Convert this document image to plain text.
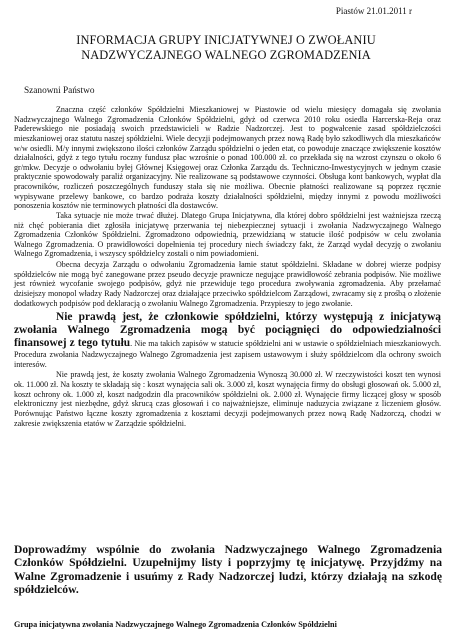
Piastów 21.01.2011 r
INFORMACJA GRUPY INICJATYWNEJ O ZWOŁANIU
NADZWYCZAJNEGO WALNEGO ZGROMADZENIA
Szanowni Państwo

Znaczna część członków Spółdzielni Mieszkaniowej w Piastowie od wielu miesięcy domagała się zwołania Nadzwyczajnego Walnego Zgromadzenia Członków Spółdzielni, gdyż od czerwca 2010 roku osiedla Harcerska-Reja oraz Paderewskiego nie posiadają swoich przedstawicieli w Radzie Nadzorczej. Jest to pogwałcenie zasad spółdzielczości mieszkaniowej oraz statutu naszej spółdzielni. Wiele decyzji podejmowanych przez nową Radę było szkodliwych dla mieszkańców w/w osiedli. M/y innymi zwiększono ilości członków Zarządu spółdzielni o jeden etat, co powoduje znaczące zwiększenie kosztów działalności, gdyż z tego tytułu roczny fundusz płac wzrośnie o ponad 100.000 zł. co przekłada się na wzrost czynszu o około 6 gr/mkw. Decyzje o odwołaniu byłej Głównej Księgowej oraz Członka Zarządu ds. Techniczno-Inwestycyjnych w jednym czasie praktycznie spowodowały paraliż organizacyjny. Nie realizowane są podstawowe czynności. Obsługa kont bankowych, wypłat dla pracowników, rozliczeń poszczególnych funduszy stała się nie możliwa. Obecnie płatności realizowane są poprzez ręcznie wypisywane przelewy bankowe, co bardzo podraża koszty działalności spółdzielni, między innymi z powodu możliwości ponoszenia kosztów nie terminowych płatności dla dostawców.

Taka sytuacje nie może trwać dłużej. Dlatego Grupa Inicjatywna, dla której dobro spółdzielni jest ważniejsza rzeczą niż chęć pobierania diet zgłosiła inicjatywę przerwania tej niebezpiecznej sytuacji i zwołania Nadzwyczajnego Walnego Zgromadzenia Członków Spółdzielni. Zgromadzono odpowiednią, przewidzianą w statucie ilość podpisów w celu zwołania Walnego Zgromadzenia. O prawidłowości dopełnienia tej procedury niech świadczy fakt, że Zarząd wydał decyzję o zwołaniu Walnego Zgromadzenia, i wszyscy spółdzielcy zostali o nim powiadomieni.

Obecna decyzja Zarządu o odwołaniu Zgromadzenia łamie statut spółdzielni. Składane w dobrej wierze podpisy spółdzielców nie mogą być zanegowane przez pseudo decyzje prawnicze negujące prawidłowość zebrania podpisów. Nie możliwe jest również wycofanie swojego podpisów, gdyż nie przewiduje tego procedura zwoływania zgromadzenia. Aby przełamać dzisiejszy monopol władzy Rady Nadzorczej oraz działające przeciwko spółdzielcom Zarządowi, zwracamy się z prośbą o złożenie dodatkowych podpisów pod deklaracją o zwołaniu Walnego Zgromadzenia. Przypieszy to jego zwołanie.

Nie prawdą jest, że członkowie spółdzielni, którzy występują z inicjatywą zwołania Walnego Zgromadzenia mogą być pociągnięci do odpowiedzialności finansowej z tego tytułu. Nie ma takich zapisów w statucie spółdzielni ani w ustawie o spółdzielniach mieszkaniowych. Procedura zwołania Nadzwyczajnego Walnego Zgromadzenia jest zapisem ustawowym i służy spółdzielcom dla ochrony swoich interesów.

Nie prawdą jest, że koszty zwołania Walnego Zgromadzenia Wynoszą 30.000 zł. W rzeczywistości koszt ten wynosi ok. 11.000 zł. Na koszty te składają się : koszt wynajęcia sali ok. 3.000 zł, koszt wynajęcia firmy do obsługi głosowań ok. 5.000 zł, koszt ochrony ok. 1.000 zł, koszt nadgodzin dla pracowników spółdzielni ok. 2.000 zł. Wynajęcie firmy liczącej głosy w sposób elektroniczny jest niezbędne, gdyż skrucą czas głosowań i co najważniejsze, eliminuje naduzycia związane z liczeniem głosów. Porównując Państwo łączne koszty zgromadzenia z kosztami decyzji podejmowanych przez nową Radę Nadzorczą, chodzi w zakresie zwiększenia etatów w Zarządzie spółdzielni.

Doprowadźmy wspólnie do zwołania Nadzwyczajnego Walnego Zgromadzenia Członków Spółdzielni. Uzupełnijmy listy i poprzyjmy tę inicjatywę. Przyjdźmy na Walne Zgromadzenie i usuńmy z Rady Nadzorczej ludzi, którzy działają na szkodę spółdzielców.
Grupa inicjatywna zwołania Nadzwyczajnego Walnego Zgromadzenia Członków Spółdzielni
